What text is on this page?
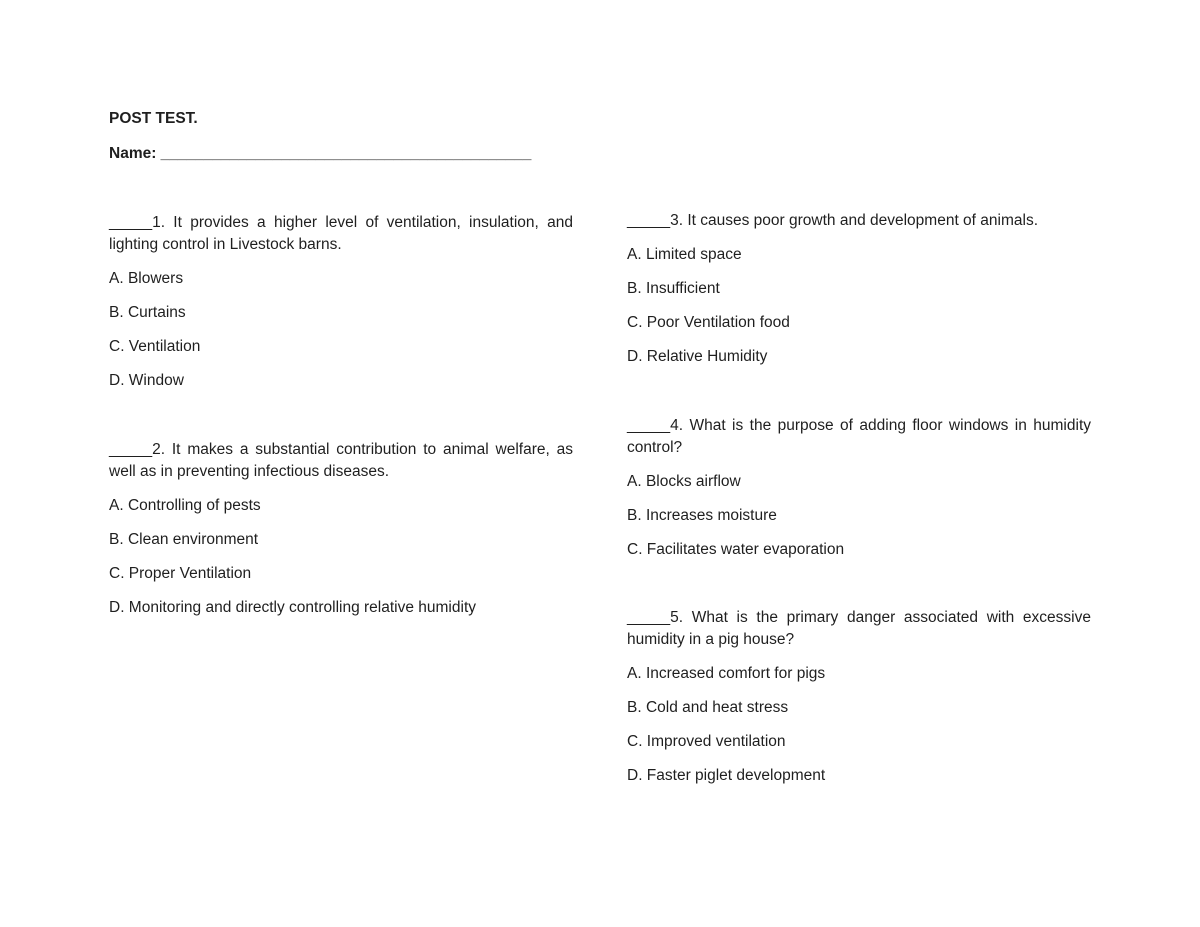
POST TEST.

Name: ___________________________________________

_____1. It provides a higher level of ventilation, insulation, and lighting control in Livestock barns.

A. Blowers
B. Curtains
C. Ventilation
D. Window

_____2. It makes a substantial contribution to animal welfare, as well as in preventing infectious diseases.

A. Controlling of pests
B. Clean environment
C. Proper Ventilation
D. Monitoring and directly controlling relative humidity

_____3. It causes poor growth and development of animals.

A. Limited space
B. Insufficient
C. Poor Ventilation food
D. Relative Humidity

_____4. What is the purpose of adding floor windows in humidity control?

A. Blocks airflow
B. Increases moisture
C. Facilitates water evaporation

_____5. What is the primary danger associated with excessive humidity in a pig house?

A. Increased comfort for pigs
B. Cold and heat stress
C. Improved ventilation
D. Faster piglet development
